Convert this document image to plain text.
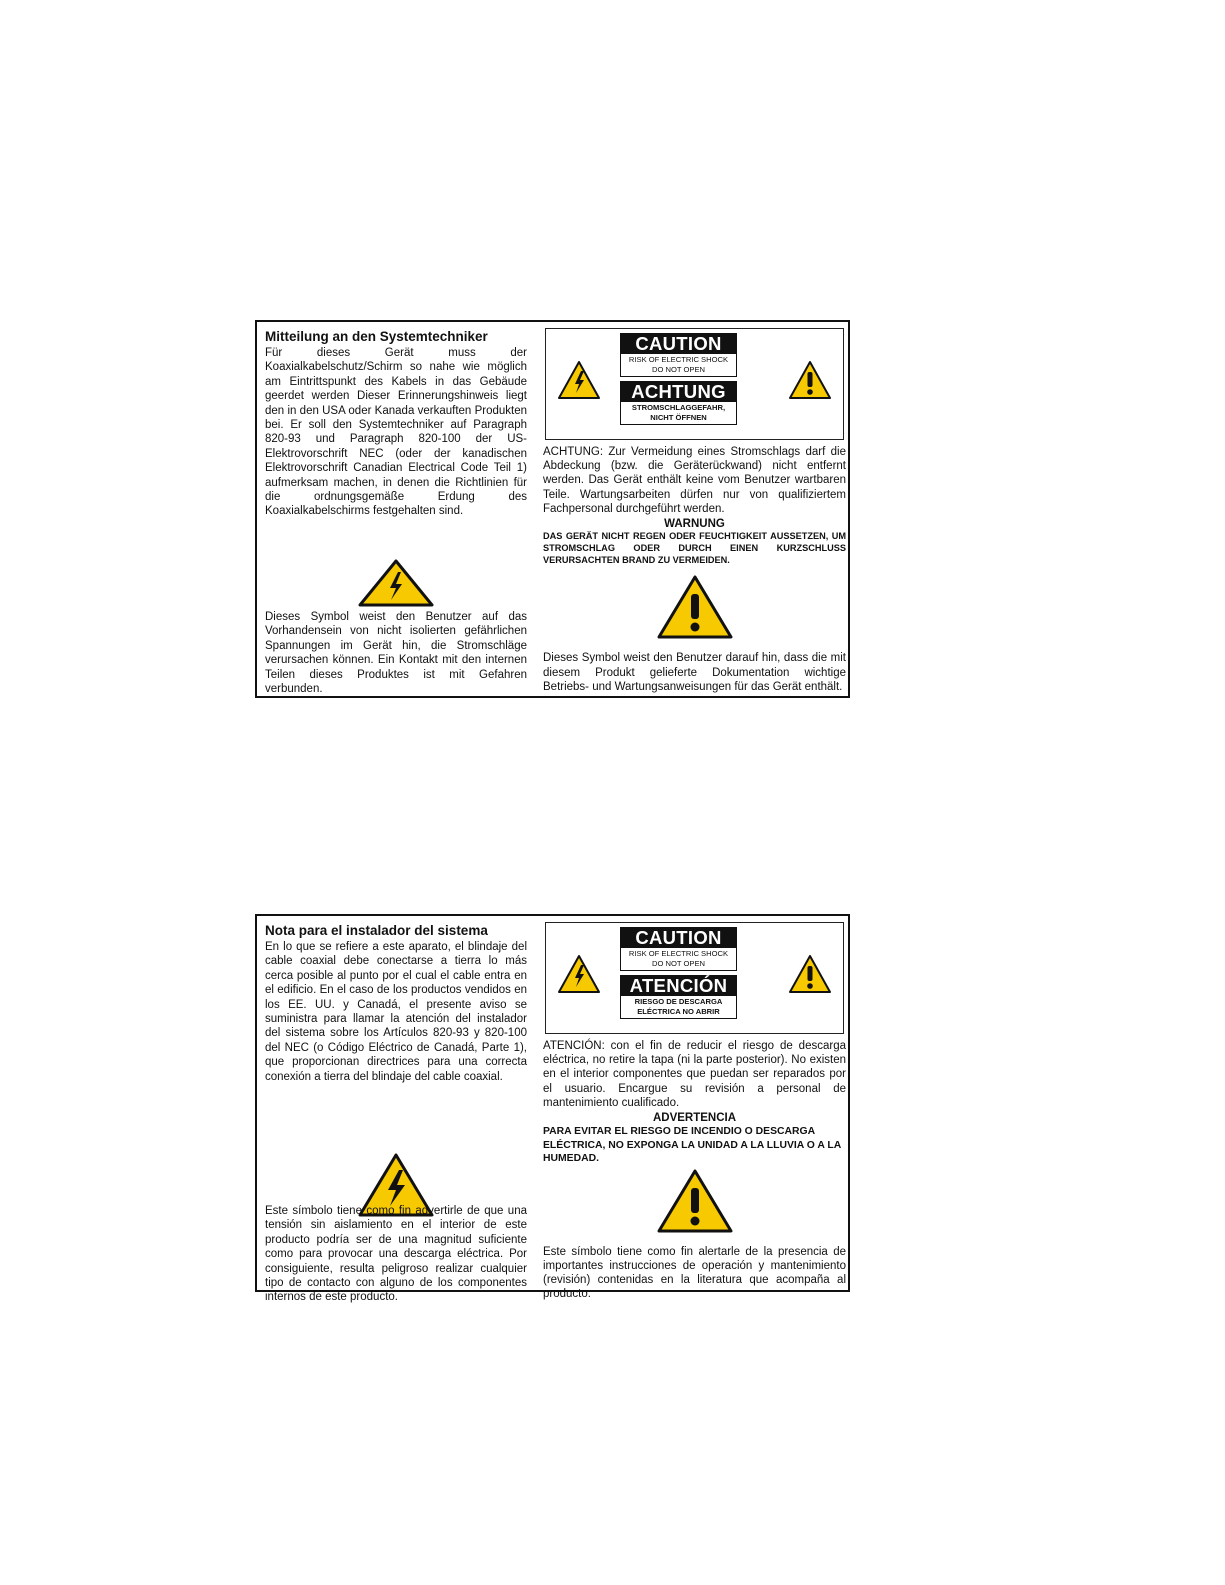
Mitteilung an den Systemtechniker

Für dieses Gerät muss der Koaxialkabelschutz/Schirm so nahe wie möglich am Eintrittspunkt des Kabels in das Gebäude geerdet werden Dieser Erinnerungshinweis liegt den in den USA oder Kanada verkauften Produkten bei. Er soll den Systemtechniker auf Paragraph 820-93 und Paragraph 820-100 der US-Elektrovorschrift NEC (oder der kanadischen Elektrovorschrift Canadian Electrical Code Teil 1) aufmerksam machen, in denen die Richtlinien für die ordnungsgemäße Erdung des Koaxialkabelschirms festgehalten sind.

Dieses Symbol weist den Benutzer auf das Vorhandensein von nicht isolierten gefährlichen Spannungen im Gerät hin, die Stromschläge verursachen können. Ein Kontakt mit den internen Teilen dieses Produktes ist mit Gefahren verbunden.

CAUTION
RISK OF ELECTRIC SHOCK
DO NOT OPEN
ACHTUNG
STROMSCHLAGGEFAHR,
NICHT ÖFFNEN

ACHTUNG: Zur Vermeidung eines Stromschlags darf die Abdeckung (bzw. die Geräterückwand) nicht entfernt werden. Das Gerät enthält keine vom Benutzer wartbaren Teile. Wartungsarbeiten dürfen nur von qualifiziertem Fachpersonal durchgeführt werden.

WARNUNG

DAS GERÄT NICHT REGEN ODER FEUCHTIGKEIT AUSSETZEN, UM STROMSCHLAG ODER DURCH EINEN KURZSCHLUSS VERURSACHTEN BRAND ZU VERMEIDEN.

Dieses Symbol weist den Benutzer darauf hin, dass die mit diesem Produkt gelieferte Dokumentation wichtige Betriebs- und Wartungsanweisungen für das Gerät enthält.

Nota para el instalador del sistema

En lo que se refiere a este aparato, el blindaje del cable coaxial debe conectarse a tierra lo más cerca posible al punto por el cual el cable entra en el edificio. En el caso de los productos vendidos en los EE. UU. y Canadá, el presente aviso se suministra para llamar la atención del instalador del sistema sobre los Artículos 820-93 y 820-100 del NEC (o Código Eléctrico de Canadá, Parte 1), que proporcionan directrices para una correcta conexión a tierra del blindaje del cable coaxial.

Este símbolo tiene como fin advertirle de que una tensión sin aislamiento en el interior de este producto podría ser de una magnitud suficiente como para provocar una descarga eléctrica. Por consiguiente, resulta peligroso realizar cualquier tipo de contacto con alguno de los componentes internos de este producto.

CAUTION
RISK OF ELECTRIC SHOCK
DO NOT OPEN
ATENCIÓN
RIESGO DE DESCARGA
ELÉCTRICA NO ABRIR

ATENCIÓN: con el fin de reducir el riesgo de descarga eléctrica, no retire la tapa (ni la parte posterior). No existen en el interior componentes que puedan ser reparados por el usuario. Encargue su revisión a personal de mantenimiento cualificado.

ADVERTENCIA

PARA EVITAR EL RIESGO DE INCENDIO O DESCARGA ELÉCTRICA, NO EXPONGA LA UNIDAD A LA LLUVIA O A LA HUMEDAD.

Este símbolo tiene como fin alertarle de la presencia de importantes instrucciones de operación y mantenimiento (revisión) contenidas en la literatura que acompaña al producto.
